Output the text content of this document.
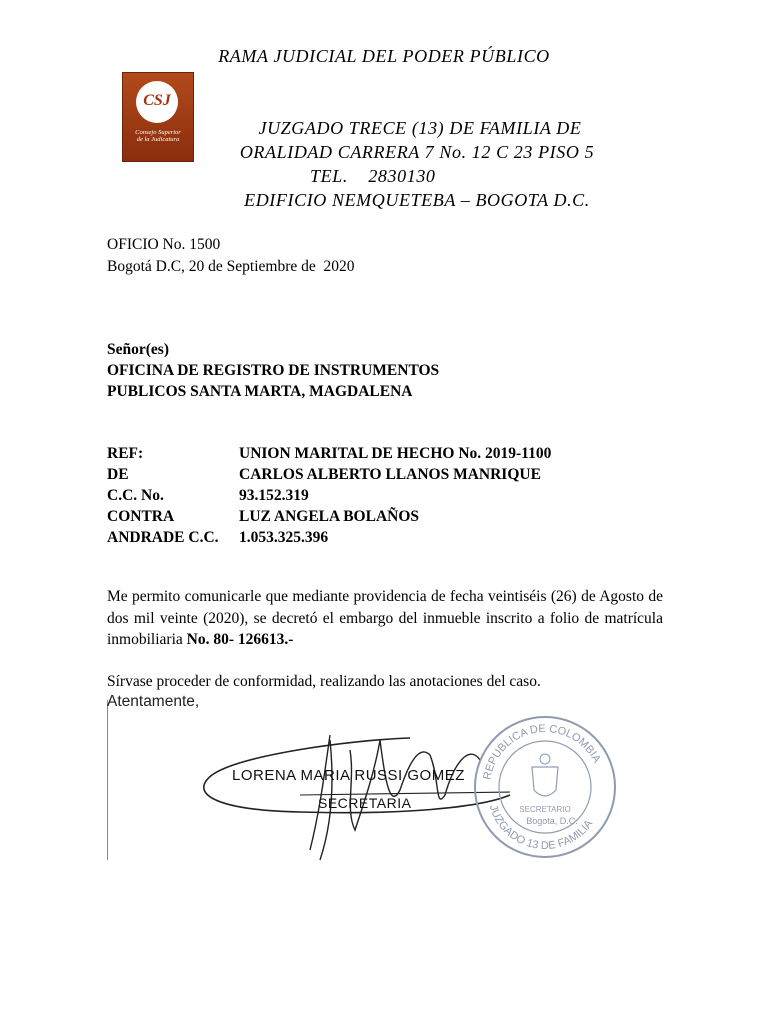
RAMA JUDICIAL DEL PODER PÚBLICO
CSJ
Consejo Superior
de la Judicatura
JUZGADO TRECE (13) DE FAMILIA DE
ORALIDAD CARRERA 7 No. 12 C 23 PISO 5
TEL.    2830130
EDIFICIO NEMQUETEBA – BOGOTA D.C.
OFICIO No. 1500
Bogotá D.C, 20 de Septiembre de  2020
Señor(es)
OFICINA DE REGISTRO DE INSTRUMENTOS
PUBLICOS SANTA MARTA, MAGDALENA
REF:	UNION MARITAL DE HECHO No. 2019-1100
DE	CARLOS ALBERTO LLANOS MANRIQUE
C.C. No.	93.152.319
CONTRA	LUZ ANGELA BOLAÑOS
ANDRADE C.C. 1.053.325.396
Me permito comunicarle que mediante providencia de fecha veintiséis (26) de Agosto de dos mil veinte (2020), se decretó el embargo del inmueble inscrito a folio de matrícula inmobiliaria No. 80- 126613.-
Sírvase proceder de conformidad, realizando las anotaciones del caso.
Atentamente,
LORENA MARIA RUSSI GOMEZ
SECRETARIA
REPUBLICA DE COLOMBIA
JUZGADO 13 DE FAMILIA
SECRETARIO
Bogota, D.C.
